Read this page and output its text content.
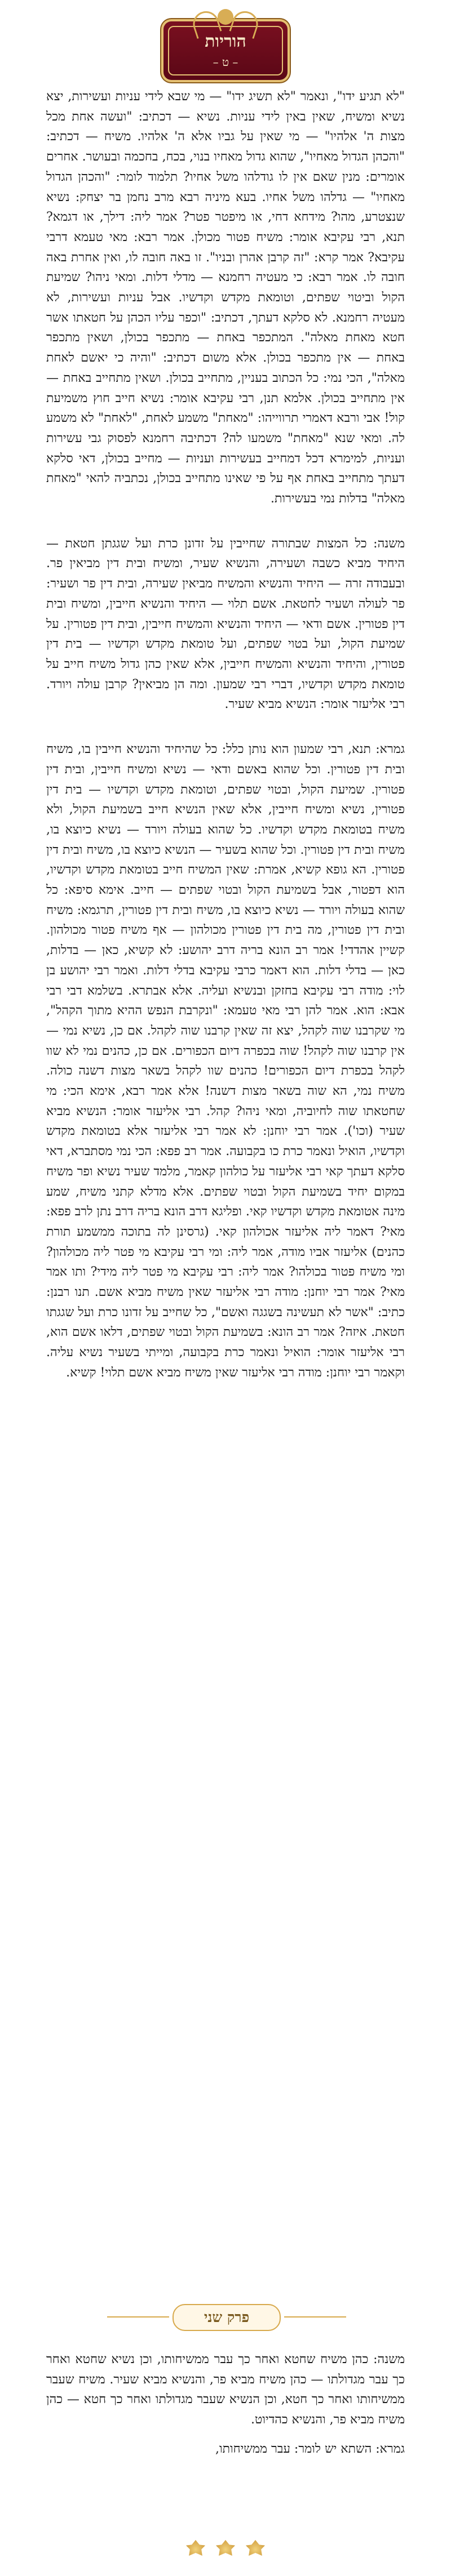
הוריות
– ט –

"לא תגיע ידו", ונאמר "לא תשיג ידו" — מי שבא לידי עניות ועשירות, יצא נשיא ומשיח, שאין באין לידי עניות. נשיא — דכתיב: "ועשה אחת מכל מצות ה' אלהיו" — מי שאין על גביו אלא ה' אלהיו. משיח — דכתיב: "והכהן הגדול מאחיו", שהוא גדול מאחיו בנוי, בכח, בחכמה ובעושר. אחרים אומרים: מנין שאם אין לו גודלהו משל אחיו? תלמוד לומר: "והכהן הגדול מאחיו" — גדלהו משל אחיו. בעא מיניה רבא מרב נחמן בר יצחק: נשיא שנצטרע, מהו? מידחא דחי, או מיפטר פטר? אמר ליה: דילך, או דגמא? תנא, רבי עקיבא אומר: משיח פטור מכולן. אמר רבא: מאי טעמא דרבי עקיבא? אמר קרא: "זה קרבן אהרן ובניו". זו באה חובה לו, ואין אחרת באה חובה לו. אמר רבא: כי מעטיה רחמנא — מדלי דלות. ומאי ניהו? שמיעת הקול וביטוי שפתים, וטומאת מקדש וקדשיו. אבל עניות ועשירות, לא מעטיה רחמנא. לא סלקא דעתך, דכתיב: "וכפר עליו הכהן על חטאתו אשר חטא מאחת מאלה". המתכפר באחת — מתכפר בכולן, ושאין מתכפר באחת — אין מתכפר בכולן. אלא משום דכתיב: "והיה כי יאשם לאחת מאלה", הכי נמי: כל הכתוב בעניין, מתחייב בכולן. ושאין מתחייב באחת — אין מתחייב בכולן. אלמא תנן, רבי עקיבא אומר: נשיא חייב חוץ משמיעת קול! אבי ורבא דאמרי תרווייהו: "מאחת" משמע לאחת, "לאחת" לא משמע לה. ומאי שנא "מאחת" משמעו לה? דכתיבה רחמנא לפסוק גבי עשירות ועניות, למימרא דכל דמחייב בעשירות ועניות — מחייב בכולן, דאי סלקא דעתך מתחייב באחת אף על פי שאינו מתחייב בכולן, נכתביה להאי "מאחת מאלה" בדלות נמי בעשירות.

משנה: כל המצות שבתורה שחייבין על זדונן כרת ועל שגגתן חטאת — היחיד מביא כשבה ושעירה, והנשיא שעיר, ומשיח ובית דין מביאין פר. ובעבודה זרה — היחיד והנשיא והמשיח מביאין שעירה, ובית דין פר ושעיר: פר לעולה ושעיר לחטאת. אשם תלוי — היחיד והנשיא חייבין, ומשיח ובית דין פטורין. אשם ודאי — היחיד והנשיא והמשיח חייבין, ובית דין פטורין. על שמיעת הקול, ועל בטוי שפתים, ועל טומאת מקדש וקדשיו — בית דין פטורין, והיחיד והנשיא והמשיח חייבין, אלא שאין כהן גדול משיח חייב על טומאת מקדש וקדשיו, דברי רבי שמעון. ומה הן מביאין? קרבן עולה ויורד. רבי אליעזר אומר: הנשיא מביא שעיר.

גמרא: תנא, רבי שמעון הוא נותן כלל: כל שהיחיד והנשיא חייבין בו, משיח ובית דין פטורין. וכל שהוא באשם ודאי — נשיא ומשיח חייבין, ובית דין פטורין. שמיעת הקול, ובטוי שפתים, וטומאת מקדש וקדשיו — בית דין פטורין, נשיא ומשיח חייבין, אלא שאין הנשיא חייב בשמיעת הקול, ולא משיח בטומאת מקדש וקדשיו. כל שהוא בעולה ויורד — נשיא כיוצא בו, משיח ובית דין פטורין. וכל שהוא בשעיר — הנשיא כיוצא בו, משיח ובית דין פטורין. הא גופא קשיא, אמרת: שאין המשיח חייב בטומאת מקדש וקדשיו, הוא דפטור, אבל בשמיעת הקול ובטוי שפתים — חייב. אימא סיפא: כל שהוא בעולה ויורד — נשיא כיוצא בו, משיח ובית דין פטורין, תרגמא: משיח ובית דין פטורין, מה בית דין פטורין מכולהון — אף משיח פטור מכולהון. קשיין אהדדי! אמר רב הונא בריה דרב יהושע: לא קשיא, כאן — בדלות, כאן — בדלי דלות. הוא דאמר כרבי עקיבא בדלי דלות. ואמר רבי יהושע בן לוי: מודה רבי עקיבא בחזקן ובנשיא ועליה. אלא אבתרא. בשלמא דבי רבי אבא: הוא. אמר להן רבי מאי טעמא: "ונקרבת הנפש ההיא מתוך הקהל", מי שקרבנו שוה לקהל, יצא זה שאין קרבנו שוה לקהל. אם כן, נשיא נמי — אין קרבנו שוה לקהל! שוה בכפרה דיום הכפורים. אם כן, כהנים נמי לא שוו לקהל בכפרת דיום הכפורים! כהנים שוו לקהל בשאר מצות דשנה כולה. משיח נמי, הא שוה בשאר מצות דשנה! אלא אמר רבא, אימא הכי: מי שחטאתו שוה לחיוביה, ומאי ניהו? קהל. רבי אליעזר אומר: הנשיא מביא שעיר (וכו'). אמר רבי יוחנן: לא אמר רבי אליעזר אלא בטומאת מקדש וקדשיו, הואיל ונאמר כרת כו בקבועה. אמר רב פפא: הכי נמי מסתברא, דאי סלקא דעתך קאי רבי אליעזר על כולהון קאמר, מלמד שעיר נשיא ופר משיח במקום יחיד בשמיעת הקול ובטוי שפתים. אלא מדלא קתני משיח, שמע מינה אטומאת מקדש וקדשיו קאי. ופליגא דרב הונא בריה דרב נתן לרב פפא: מאי? דאמר ליה אליעזר אכולהון קאי. (גרסינן לה בתוכה ממשמע תורת כהנים) אליעזר אביו מודה, אמר ליה: ומי רבי עקיבא מי פטר ליה מכולהון? ומי משיח פטור בכולהו? אמר ליה: רבי עקיבא מי פטר ליה מידי? ותו אמר מאי? אמר רבי יוחנן: מודה רבי אליעזר שאין משיח מביא אשם. תנו רבנן: כתיב: "אשר לא תעשינה בשגגה ואשם", כל שחייב על זדונו כרת ועל שגגתו חטאת. איזה? אמר רב הונא: בשמיעת הקול ובטוי שפתים, דלאו אשם הוא, רבי אליעזר אומר: הואיל ונאמר כרת בקבועה, ומייתי בשעיר נשיא עליה. וקאמר רבי יוחנן: מודה רבי אליעזר שאין משיח מביא אשם תלוי! קשיא.

פרק שני

משנה: כהן משיח שחטא ואחר כך עבר ממשיחותו, וכן נשיא שחטא ואחר כך עבר מגדולתו — כהן משיח מביא פר, והנשיא מביא שעיר. משיח שעבר ממשיחותו ואחר כך חטא, וכן הנשיא שעבר מגדולתו ואחר כך חטא — כהן משיח מביא פר, והנשיא כהדיוט.

גמרא: השתא יש לומר: עבר ממשיחותו,
